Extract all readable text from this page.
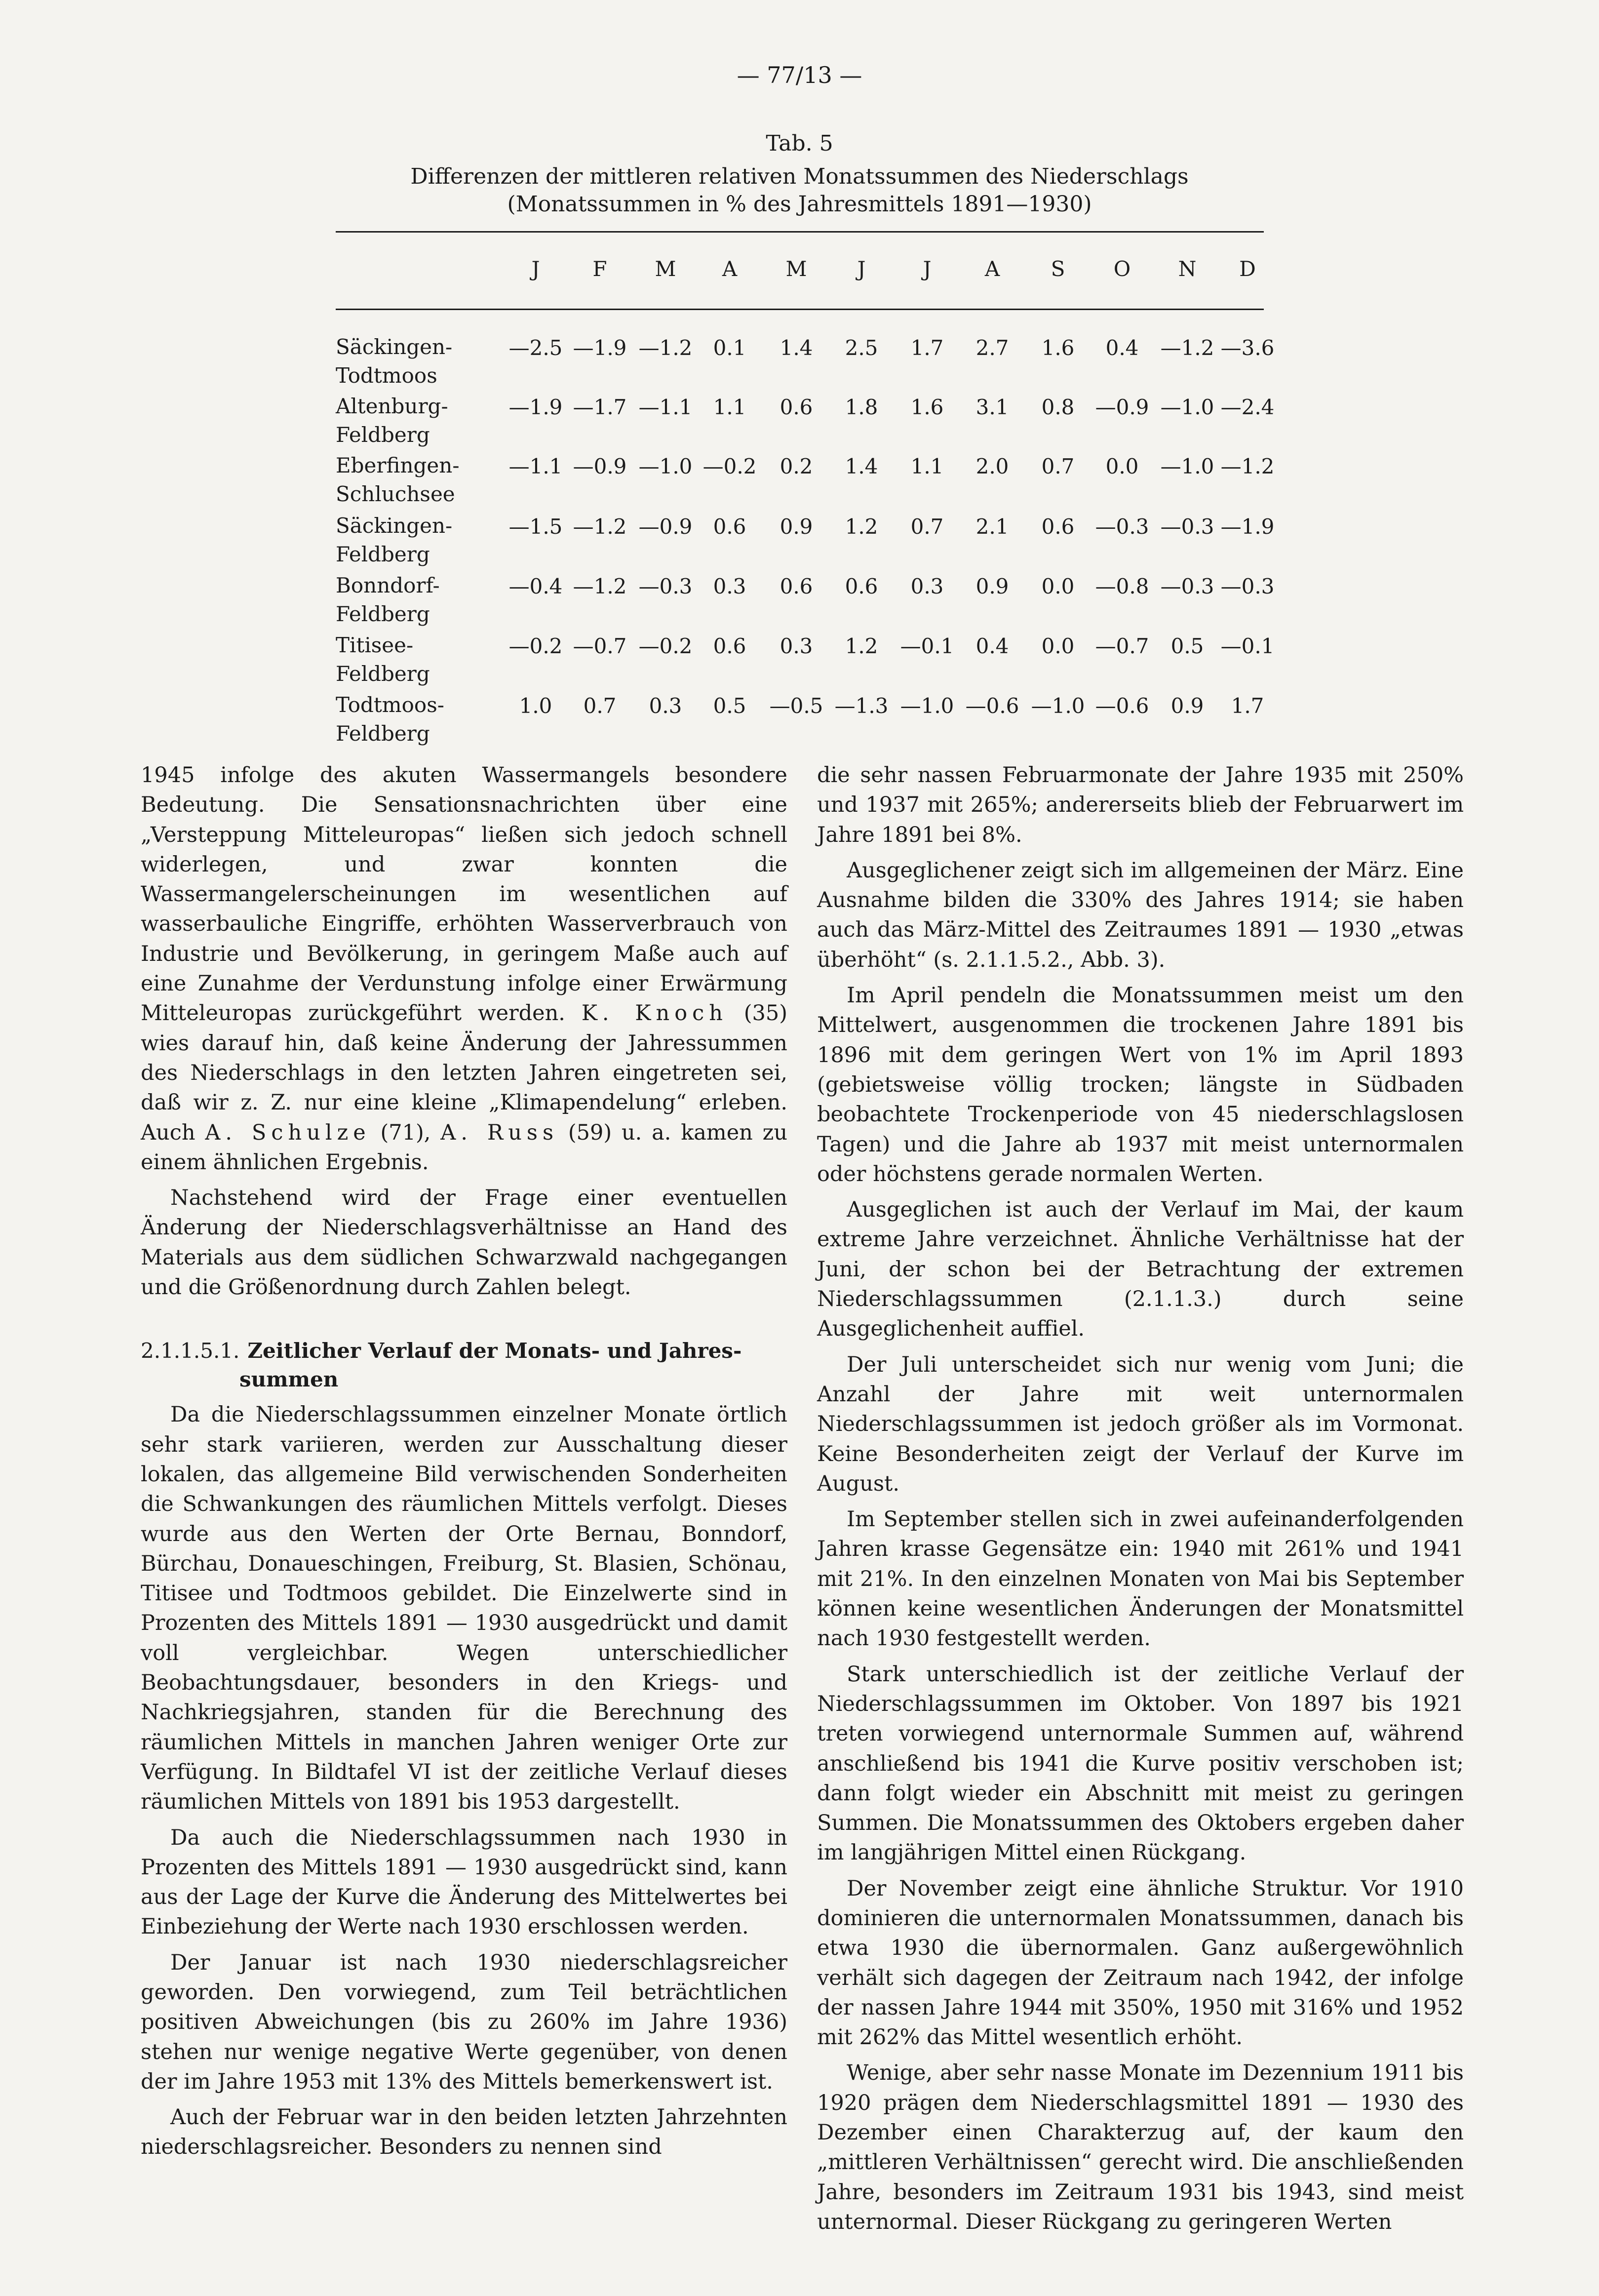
— 77/13 —
Tab. 5
Differenzen der mittleren relativen Monatssummen des Niederschlags
(Monatssummen in % des Jahresmittels 1891—1930)
J	F	M	A	M	J	J	A	S	O	N	D
Säckingen-
Todtmoos
—2.5 —1.9 —1.2	0.1	1.4	2.5	1.7	2.7	1.6	0.4	—1.2 —3.6
Altenburg-
Feldberg
—1.9 —1.7 —1.1	1.1	0.6	1.8	1.6	3.1	0.8	—0.9 —1.0 —2.4
Eberfingen-
Schluchsee
—1.1 —0.9 —1.0 —0.2	0.2	1.4	1.1	2.0	0.7	0.0	—1.0 —1.2
Säckingen-
Feldberg
—1.5 —1.2 —0.9	0.6	0.9	1.2	0.7	2.1	0.6	—0.3 —0.3 —1.9
Bonndorf-
Feldberg
—0.4 —1.2 —0.3	0.3	0.6	0.6	0.3	0.9	0.0	—0.8 —0.3 —0.3
Titisee-
Feldberg
—0.2 —0.7 —0.2	0.6	0.3	1.2	—0.1	0.4	0.0	—0.7	0.5 —0.1
Todtmoos-
Feldberg
1.0	0.7	0.3	0.5	—0.5 —1.3 —1.0 —0.6 —1.0 —0.6	0.9	1.7

1945 infolge des akuten Wassermangels besondere Bedeutung. Die Sensationsnachrichten über eine „Versteppung Mitteleuropas“ ließen sich jedoch schnell widerlegen, und zwar konnten die Wassermangelerscheinungen im wesentlichen auf wasserbauliche Eingriffe, erhöhten Wasserverbrauch von Industrie und Bevölkerung, in geringem Maße auch auf eine Zunahme der Verdunstung infolge einer Erwärmung Mitteleuropas zurückgeführt werden. K. Knoch (35) wies darauf hin, daß keine Änderung der Jahressummen des Niederschlags in den letzten Jahren eingetreten sei, daß wir z. Z. nur eine kleine „Klimapendelung“ erleben. Auch A. Schulze (71), A. Russ (59) u. a. kamen zu einem ähnlichen Ergebnis.

Nachstehend wird der Frage einer eventuellen Änderung der Niederschlagsverhältnisse an Hand des Materials aus dem südlichen Schwarzwald nachgegangen und die Größenordnung durch Zahlen belegt.

2.1.1.5.1. Zeitlicher Verlauf der Monats- und Jahres-
summen

Da die Niederschlagssummen einzelner Monate örtlich sehr stark variieren, werden zur Ausschaltung dieser lokalen, das allgemeine Bild verwischenden Sonderheiten die Schwankungen des räumlichen Mittels verfolgt. Dieses wurde aus den Werten der Orte Bernau, Bonndorf, Bürchau, Donaueschingen, Freiburg, St. Blasien, Schönau, Titisee und Todtmoos gebildet. Die Einzelwerte sind in Prozenten des Mittels 1891 — 1930 ausgedrückt und damit voll vergleichbar. Wegen unterschiedlicher Beobachtungsdauer, besonders in den Kriegs- und Nachkriegsjahren, standen für die Berechnung des räumlichen Mittels in manchen Jahren weniger Orte zur Verfügung. In Bildtafel VI ist der zeitliche Verlauf dieses räumlichen Mittels von 1891 bis 1953 dargestellt.

Da auch die Niederschlagssummen nach 1930 in Prozenten des Mittels 1891 — 1930 ausgedrückt sind, kann aus der Lage der Kurve die Änderung des Mittelwertes bei Einbeziehung der Werte nach 1930 erschlossen werden.

Der Januar ist nach 1930 niederschlagsreicher geworden. Den vorwiegend, zum Teil beträchtlichen positiven Abweichungen (bis zu 260% im Jahre 1936) stehen nur wenige negative Werte gegenüber, von denen der im Jahre 1953 mit 13% des Mittels bemerkenswert ist.

Auch der Februar war in den beiden letzten Jahrzehnten niederschlagsreicher. Besonders zu nennen sind

die sehr nassen Februarmonate der Jahre 1935 mit 250% und 1937 mit 265%; andererseits blieb der Februarwert im Jahre 1891 bei 8%.

Ausgeglichener zeigt sich im allgemeinen der März. Eine Ausnahme bilden die 330% des Jahres 1914; sie haben auch das März-Mittel des Zeitraumes 1891 — 1930 „etwas überhöht“ (s. 2.1.1.5.2., Abb. 3).

Im April pendeln die Monatssummen meist um den Mittelwert, ausgenommen die trockenen Jahre 1891 bis 1896 mit dem geringen Wert von 1% im April 1893 (gebietsweise völlig trocken; längste in Südbaden beobachtete Trockenperiode von 45 niederschlagslosen Tagen) und die Jahre ab 1937 mit meist unternormalen oder höchstens gerade normalen Werten.

Ausgeglichen ist auch der Verlauf im Mai, der kaum extreme Jahre verzeichnet. Ähnliche Verhältnisse hat der Juni, der schon bei der Betrachtung der extremen Niederschlagssummen (2.1.1.3.) durch seine Ausgeglichenheit auffiel.

Der Juli unterscheidet sich nur wenig vom Juni; die Anzahl der Jahre mit weit unternormalen Niederschlagssummen ist jedoch größer als im Vormonat. Keine Besonderheiten zeigt der Verlauf der Kurve im August.

Im September stellen sich in zwei aufeinanderfolgenden Jahren krasse Gegensätze ein: 1940 mit 261% und 1941 mit 21%. In den einzelnen Monaten von Mai bis September können keine wesentlichen Änderungen der Monatsmittel nach 1930 festgestellt werden.

Stark unterschiedlich ist der zeitliche Verlauf der Niederschlagssummen im Oktober. Von 1897 bis 1921 treten vorwiegend unternormale Summen auf, während anschließend bis 1941 die Kurve positiv verschoben ist; dann folgt wieder ein Abschnitt mit meist zu geringen Summen. Die Monatssummen des Oktobers ergeben daher im langjährigen Mittel einen Rückgang.

Der November zeigt eine ähnliche Struktur. Vor 1910 dominieren die unternormalen Monatssummen, danach bis etwa 1930 die übernormalen. Ganz außergewöhnlich verhält sich dagegen der Zeitraum nach 1942, der infolge der nassen Jahre 1944 mit 350%, 1950 mit 316% und 1952 mit 262% das Mittel wesentlich erhöht.

Wenige, aber sehr nasse Monate im Dezennium 1911 bis 1920 prägen dem Niederschlagsmittel 1891 — 1930 des Dezember einen Charakterzug auf, der kaum den „mittleren Verhältnissen“ gerecht wird. Die anschließenden Jahre, besonders im Zeitraum 1931 bis 1943, sind meist unternormal. Dieser Rückgang zu geringeren Werten
